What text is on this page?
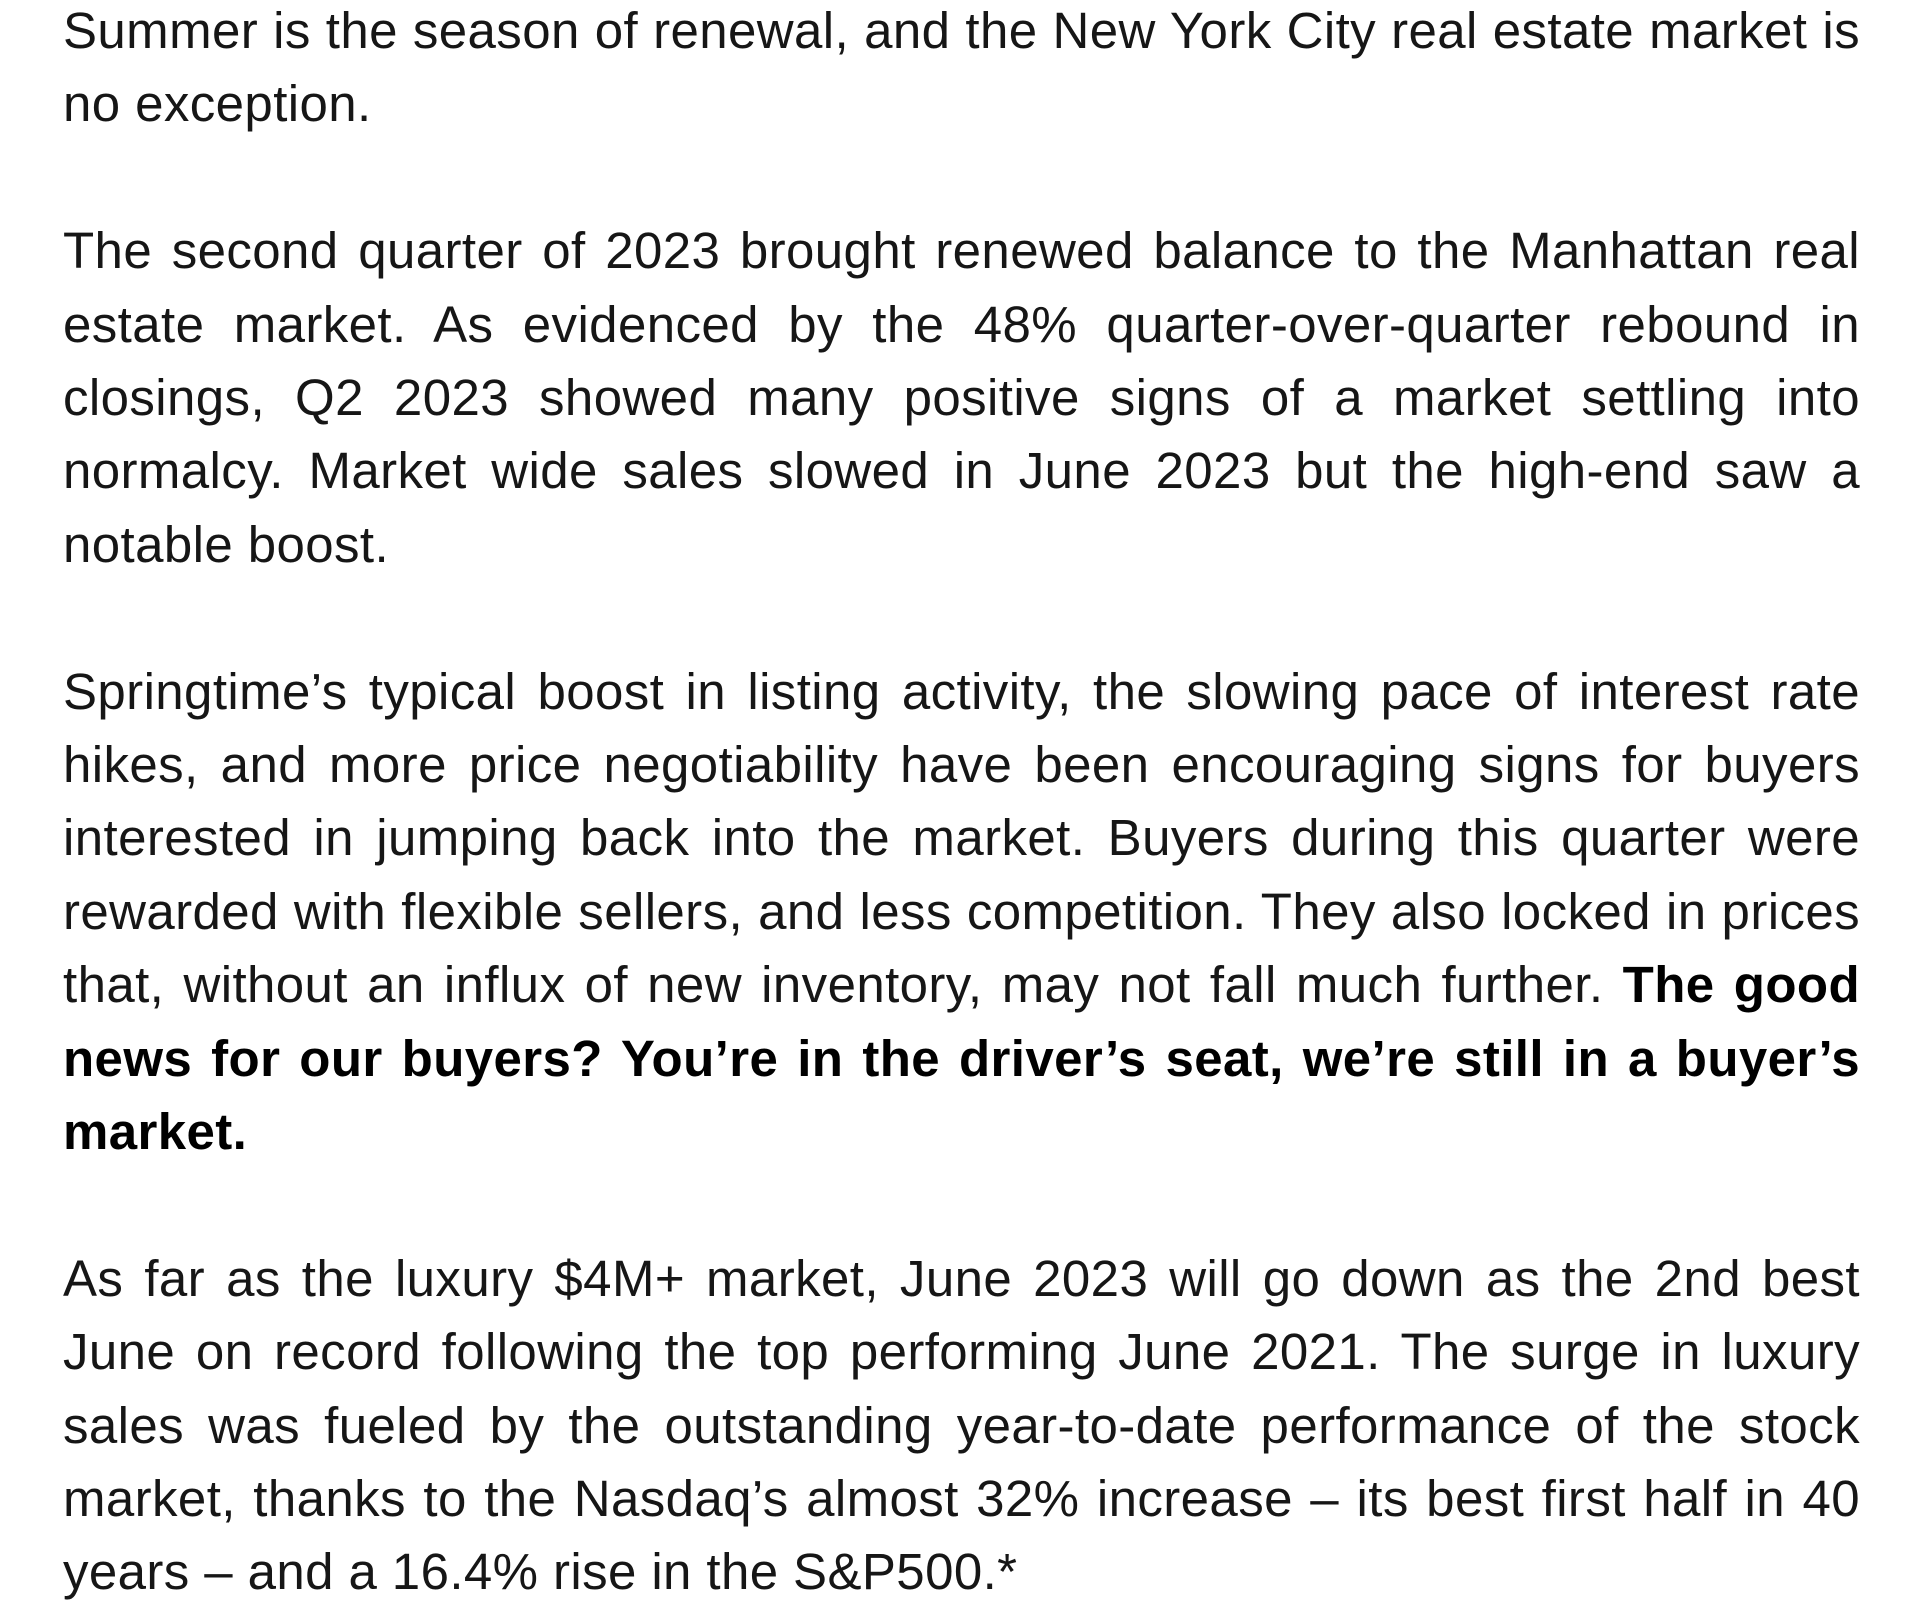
Summer is the season of renewal, and the New York City real estate market is no exception.

The second quarter of 2023 brought renewed balance to the Manhattan real estate market. As evidenced by the 48% quarter-over-quarter rebound in closings, Q2 2023 showed many positive signs of a market settling into normalcy. Market wide sales slowed in June 2023 but the high-end saw a notable boost.

Springtime’s typical boost in listing activity, the slowing pace of interest rate hikes, and more price negotiability have been encouraging signs for buyers interested in jumping back into the market. Buyers during this quarter were rewarded with flexible sellers, and less competition. They also locked in prices that, without an influx of new inventory, may not fall much further. The good news for our buyers? You’re in the driver’s seat, we’re still in a buyer’s market.

As far as the luxury $4M+ market, June 2023 will go down as the 2nd best June on record following the top performing June 2021. The surge in luxury sales was fueled by the outstanding year-to-date performance of the stock market, thanks to the Nasdaq’s almost 32% increase – its best first half in 40 years – and a 16.4% rise in the S&P500.*
